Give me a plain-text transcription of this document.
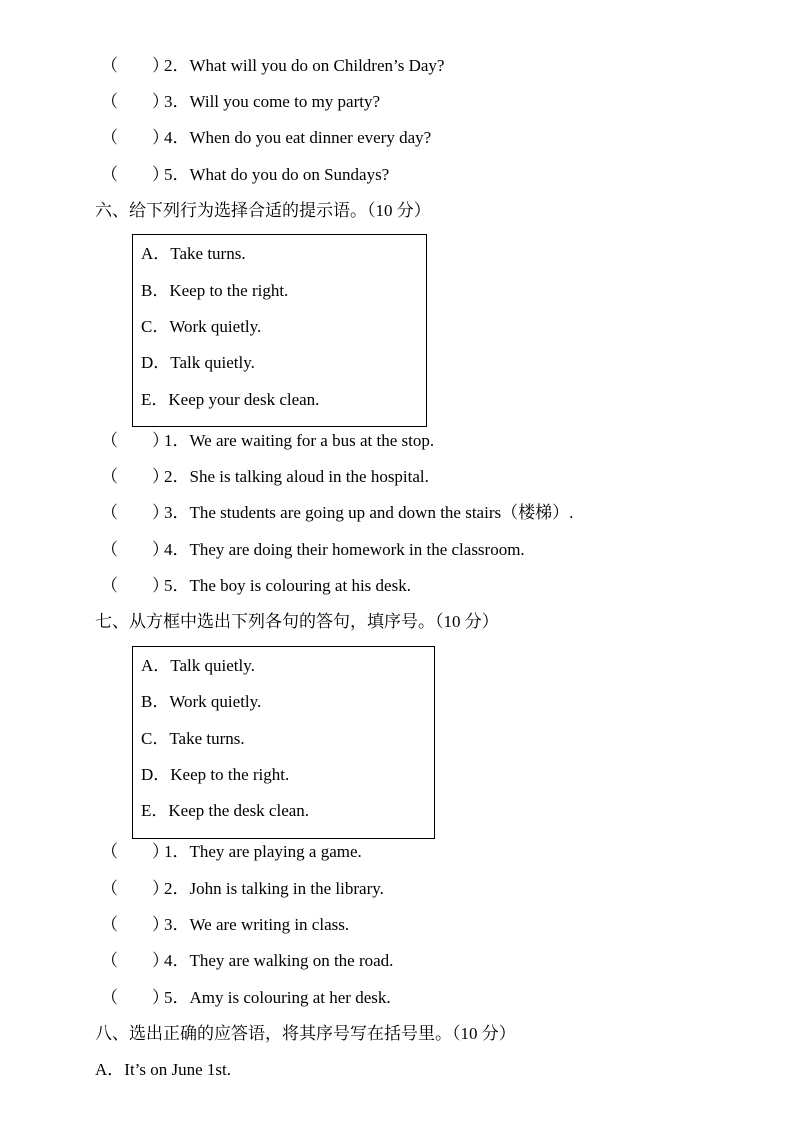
（ ）
2．What will you do on Children’s Day?
（ ）
3．Will you come to my party?
（ ）
4．When do you eat dinner every day?
（ ）
5．What do you do on Sundays?
六、给下列行为选择合适的提示语。（10 分）
A．Take turns.
B．Keep to the right.
C．Work quietly.
D．Talk quietly.
E．Keep your desk clean.
（ ）
1．We are waiting for a bus at the stop.
（ ）
2．She is talking aloud in the hospital.
（ ）
3．The students are going up and down the stairs（楼梯）.
（ ）
4．They are doing their homework in the classroom.
（ ）
5．The boy is colouring at his desk.
七、从方框中选出下列各句的答句，填序号。（10 分）
A．Talk quietly.
B．Work quietly.
C．Take turns.
D．Keep to the right.
E．Keep the desk clean.
（ ）
1．They are playing a game.
（ ）
2．John is talking in the library.
（ ）
3．We are writing in class.
（ ）
4．They are walking on the road.
（ ）
5．Amy is colouring at her desk.
八、选出正确的应答语，将其序号写在括号里。（10 分）
A．It’s on June 1st.
